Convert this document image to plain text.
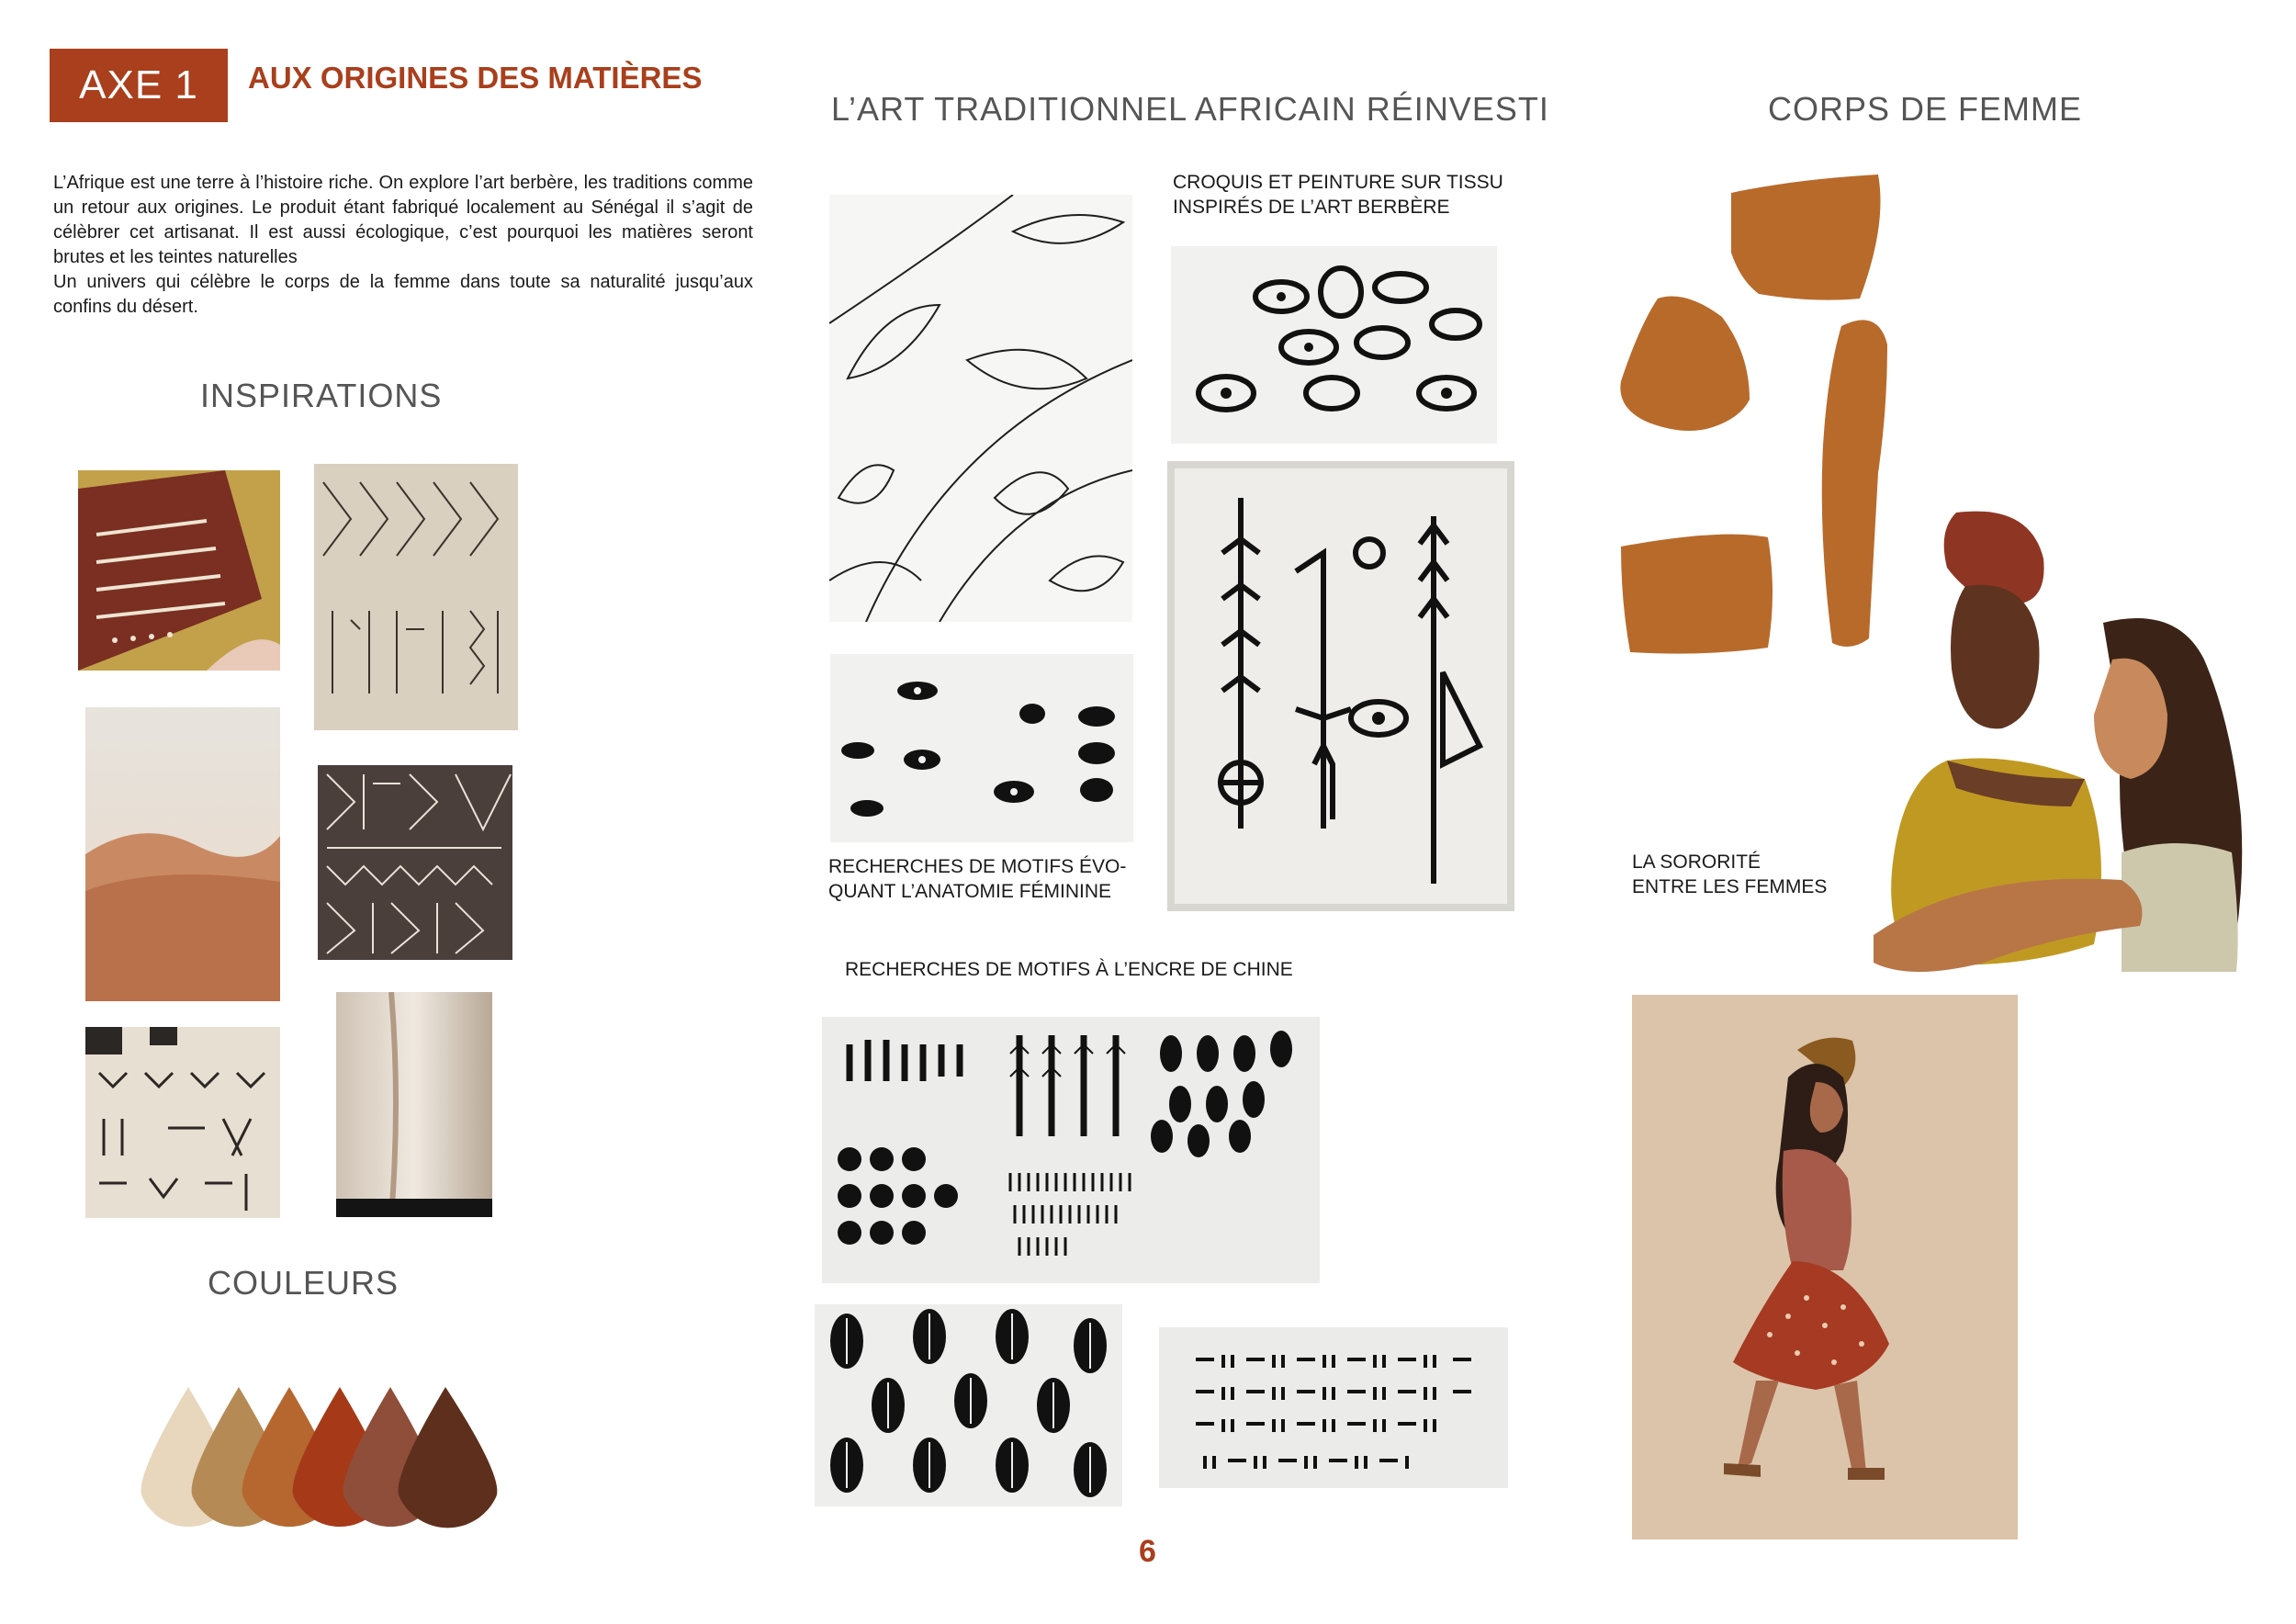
AXE 1 AUX ORIGINES DES MATIÈRES
L’Afrique est une terre à l’histoire riche. On explore l’art berbère, les traditions comme un retour aux origines. Le produit étant fabriqué localement au Sénégal il s’agit de célèbrer cet artisanat. Il est aussi écologique, c’est pourquoi les matières seront brutes et les teintes naturelles
Un univers qui célèbre le corps de la femme dans toute sa naturalité jusqu’aux confins du désert.
INSPIRATIONS
COULEURS
L’ART TRADITIONNEL AFRICAIN RÉINVESTI	CORPS DE FEMME
CROQUIS ET PEINTURE SUR TISSU
INSPIRÉS DE L’ART BERBÈRE
RECHERCHES DE MOTIFS ÉVO-
QUANT L’ANATOMIE FÉMININE
RECHERCHES DE MOTIFS À L’ENCRE DE CHINE
LA SORORITÉ
ENTRE LES FEMMES
6
